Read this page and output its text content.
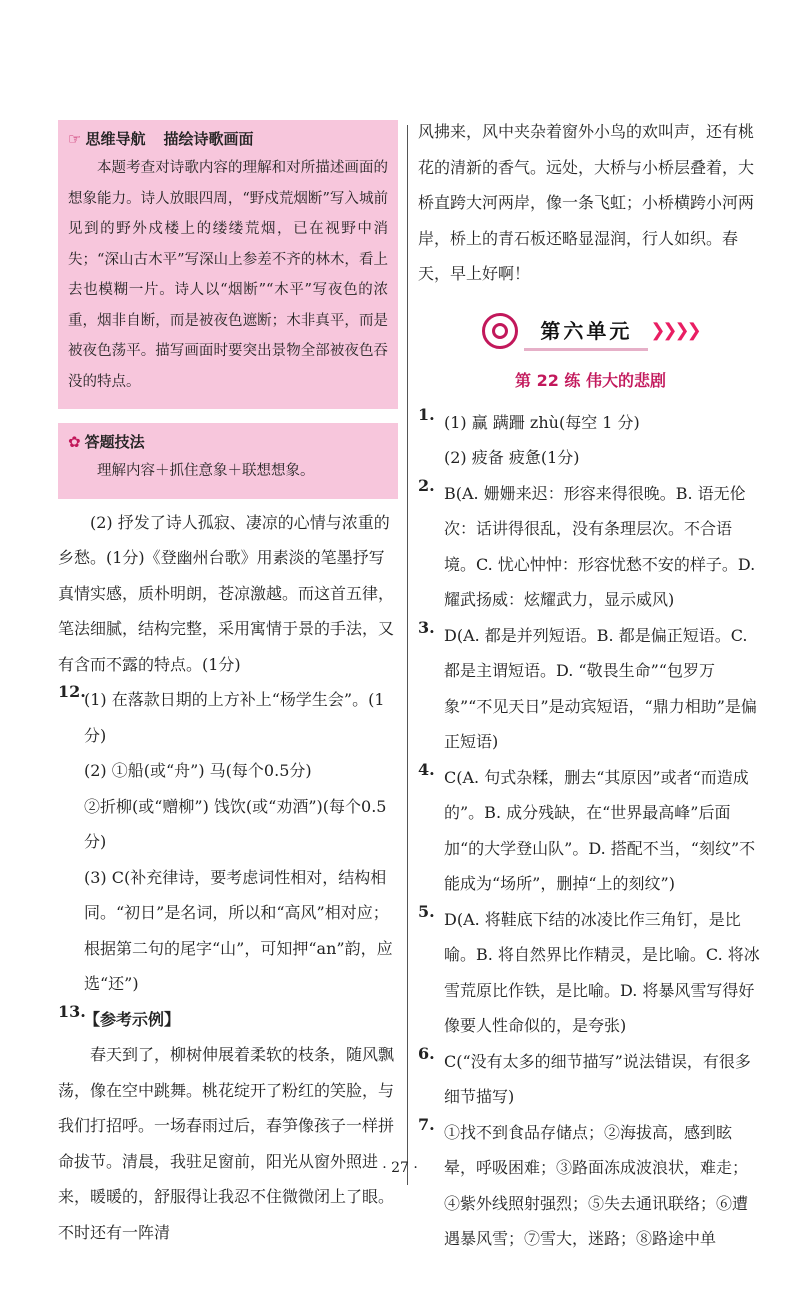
☞ 思维导航 描绘诗歌画面

本题考查对诗歌内容的理解和对所描述画面的想象能力。诗人放眼四周，“野戍荒烟断”写入城前见到的野外戍楼上的缕缕荒烟，已在视野中消失；“深山古木平”写深山上参差不齐的林木，看上去也模糊一片。诗人以“烟断”“木平”写夜色的浓重，烟非自断，而是被夜色遮断；木非真平，而是被夜色荡平。描写画面时要突出景物全部被夜色吞没的特点。

✿ 答题技法

理解内容＋抓住意象＋联想想象。

(2) 抒发了诗人孤寂、凄凉的心情与浓重的乡愁。(1分)《登幽州台歌》用素淡的笔墨抒写真情实感，质朴明朗，苍凉激越。而这首五律，笔法细腻，结构完整，采用寓情于景的手法，又有含而不露的特点。(1分)

12.

(1) 在落款日期的上方补上“杨学生会”。(1分)

(2) ①船(或“舟”) 马(每个0.5分)

②折柳(或“赠柳”) 饯饮(或“劝酒”)(每个0.5分)

(3) C(补充律诗，要考虑词性相对，结构相同。“初日”是名词，所以和“高风”相对应；根据第二句的尾字“山”，可知押“an”韵，应选“还”)

13.

【参考示例】

春天到了，柳树伸展着柔软的枝条，随风飘荡，像在空中跳舞。桃花绽开了粉红的笑脸，与我们打招呼。一场春雨过后，春笋像孩子一样拼命拔节。清晨，我驻足窗前，阳光从窗外照进来，暖暖的，舒服得让我忍不住微微闭上了眼。不时还有一阵清

风拂来，风中夹杂着窗外小鸟的欢叫声，还有桃花的清新的香气。远处，大桥与小桥层叠着，大桥直跨大河两岸，像一条飞虹；小桥横跨小河两岸，桥上的青石板还略显湿润，行人如织。春天，早上好啊！

第六单元	❯❯❯❯
第 22 练 伟大的悲剧
1. (1) 赢 蹒跚 zhù(每空 1 分)

(2) 疲备 疲惫(1分)

2. B(A. 姗姗来迟：形容来得很晚。B. 语无伦次：话讲得很乱，没有条理层次。不合语境。C. 忧心忡忡：形容忧愁不安的样子。D. 耀武扬威：炫耀武力，显示威风)

3. D(A. 都是并列短语。B. 都是偏正短语。C. 都是主谓短语。D. “敬畏生命”“包罗万象”“不见天日”是动宾短语，“鼎力相助”是偏正短语)

4. C(A. 句式杂糅，删去“其原因”或者“而造成的”。B. 成分残缺，在“世界最高峰”后面加“的大学登山队”。D. 搭配不当，“刻纹”不能成为“场所”，删掉“上的刻纹”)

5. D(A. 将鞋底下结的冰凌比作三角钉，是比喻。B. 将自然界比作精灵，是比喻。C. 将冰雪荒原比作铁，是比喻。D. 将暴风雪写得好像要人性命似的，是夸张)

6. C(“没有太多的细节描写”说法错误，有很多细节描写)

7. ①找不到食品存储点；②海拔高，感到眩晕，呼吸困难；③路面冻成波浪状，难走；④紫外线照射强烈；⑤失去通讯联络；⑥遭遇暴风雪；⑦雪大，迷路；⑧路途中单

· 27 ·
